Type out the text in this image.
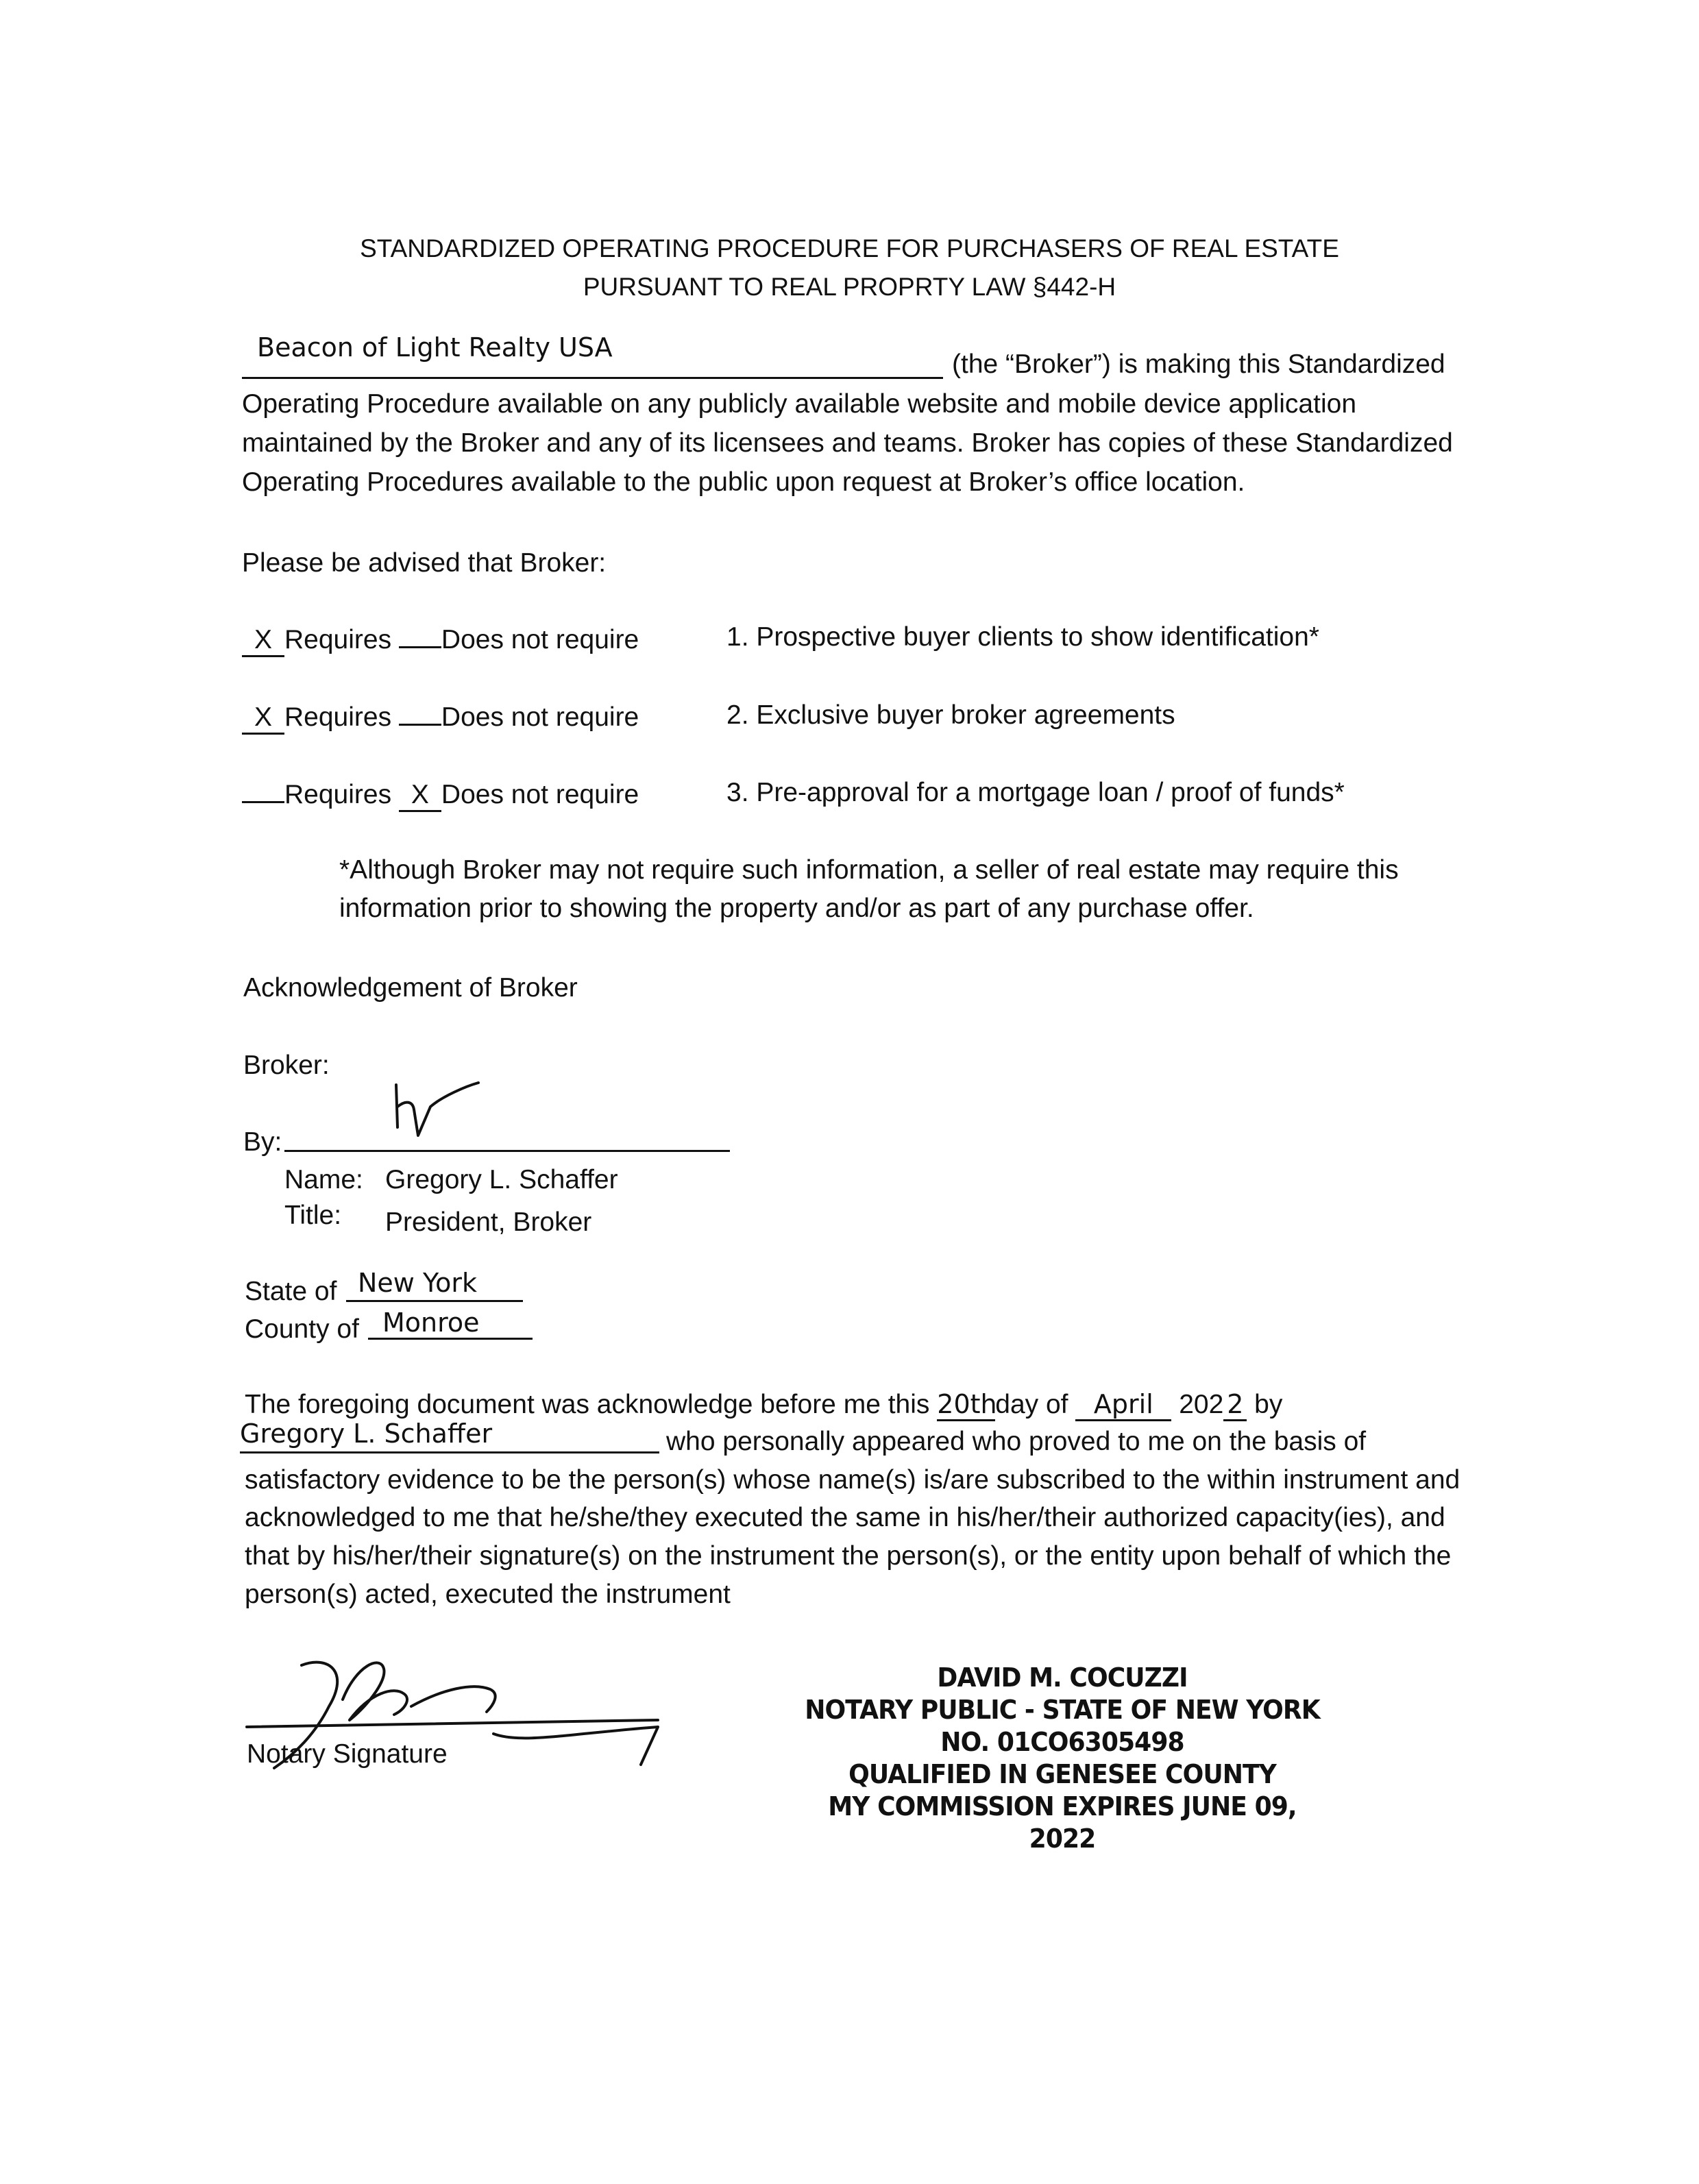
STANDARDIZED OPERATING PROCEDURE FOR PURCHASERS OF REAL ESTATE
PURSUANT TO REAL PROPRTY LAW §442-H
Beacon of Light Realty USA
(the “Broker”) is making this Standardized
Operating Procedure available on any publicly available website and mobile device application
maintained by the Broker and any of its licensees and teams. Broker has copies of these Standardized
Operating Procedures available to the public upon request at Broker’s office location.
Please be advised that Broker:
X Requires Does not require	1. Prospective buyer clients to show identification*
X Requires Does not require	2. Exclusive buyer broker agreements
Requires X Does not require	3. Pre-approval for a mortgage loan / proof of funds*
*Although Broker may not require such information, a seller of real estate may require this
information prior to showing the property and/or as part of any purchase offer.
Acknowledgement of Broker
Broker:
By:
Name: Gregory L. Schaffer
Title: President, Broker
State of New York
County of Monroe
The foregoing document was acknowledge before me this 20thday of April 202 2 by
Gregory L. Schaffer	who personally appeared who proved to me on the basis of
satisfactory evidence to be the person(s) whose name(s) is/are subscribed to the within instrument and
acknowledged to me that he/she/they executed the same in his/her/their authorized capacity(ies), and
that by his/her/their signature(s) on the instrument the person(s), or the entity upon behalf of which the
person(s) acted, executed the instrument
Notary Signature
DAVID M. COCUZZI
NOTARY PUBLIC - STATE OF NEW YORK
NO. 01CO6305498
QUALIFIED IN GENESEE COUNTY
MY COMMISSION EXPIRES JUNE 09, 2022
